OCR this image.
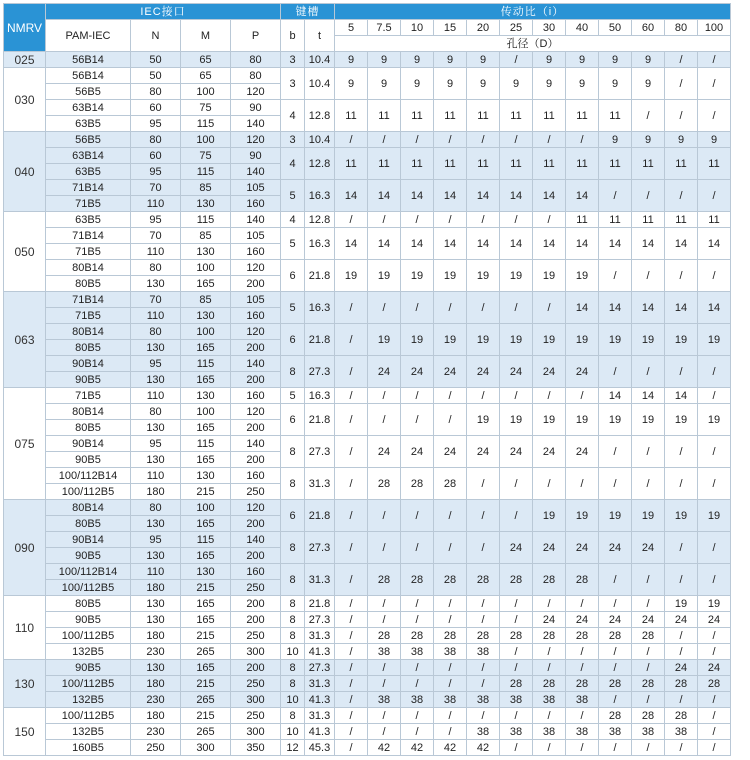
NMRV	IEC接口				键槽		传动比（i）											
	PAM-IEC	N	M	P	b	t	5	7.5	10	15	20	25	30	40	50	60	80	100
							孔径（D）											
025	56B14	50	65	80	3	10.4	9	9	9	9	9	/	9	9	9	9	/	/
030	56B14	50	65	80	3	10.4	9	9	9	9	9	9	9	9	9	9	/	/
	56B5	80	100	120														
	63B14	60	75	90	4	12.8	11	11	11	11	11	11	11	11	11	/	/	/
	63B5	95	115	140														
040	56B5	80	100	120	3	10.4	/	/	/	/	/	/	/	/	9	9	9	9
	63B14	60	75	90	4	12.8	11	11	11	11	11	11	11	11	11	11	11	11
	63B5	95	115	140														
	71B14	70	85	105	5	16.3	14	14	14	14	14	14	14	14	/	/	/	/
	71B5	110	130	160														
050	63B5	95	115	140	4	12.8	/	/	/	/	/	/	/	11	11	11	11	11
	71B14	70	85	105	5	16.3	14	14	14	14	14	14	14	14	14	14	14	14
	71B5	110	130	160														
	80B14	80	100	120	6	21.8	19	19	19	19	19	19	19	19	/	/	/	/
	80B5	130	165	200														
063	71B14	70	85	105	5	16.3	/	/	/	/	/	/	/	14	14	14	14	14
	71B5	110	130	160														
	80B14	80	100	120	6	21.8	/	19	19	19	19	19	19	19	19	19	19	19
	80B5	130	165	200														
	90B14	95	115	140	8	27.3	/	24	24	24	24	24	24	24	/	/	/	/
	90B5	130	165	200														
075	71B5	110	130	160	5	16.3	/	/	/	/	/	/	/	/	14	14	14	/
	80B14	80	100	120	6	21.8	/	/	/	/	19	19	19	19	19	19	19	19
	80B5	130	165	200														
	90B14	95	115	140	8	27.3	/	24	24	24	24	24	24	24	/	/	/	/
	90B5	130	165	200														
	100/112B14	110	130	160	8	31.3	/	28	28	28	/	/	/	/	/	/	/	/
	100/112B5	180	215	250														
090	80B14	80	100	120	6	21.8	/	/	/	/	/	/	19	19	19	19	19	19
	80B5	130	165	200														
	90B14	95	115	140	8	27.3	/	/	/	/	/	24	24	24	24	24	/	/
	90B5	130	165	200														
	100/112B14	110	130	160	8	31.3	/	28	28	28	28	28	28	28	/	/	/	/
	100/112B5	180	215	250														
110	80B5	130	165	200	8	21.8	/	/	/	/	/	/	/	/	/	/	19	19
	90B5	130	165	200	8	27.3	/	/	/	/	/	/	24	24	24	24	24	24
	100/112B5	180	215	250	8	31.3	/	28	28	28	28	28	28	28	28	28	/	/
	132B5	230	265	300	10	41.3	/	38	38	38	38	/	/	/	/	/	/	/
130	90B5	130	165	200	8	27.3	/	/	/	/	/	/	/	/	/	/	24	24
	100/112B5	180	215	250	8	31.3	/	/	/	/	/	28	28	28	28	28	28	28
	132B5	230	265	300	10	41.3	/	38	38	38	38	38	38	38	/	/	/	/
150	100/112B5	180	215	250	8	31.3	/	/	/	/	/	/	/	/	28	28	28	/
	132B5	230	265	300	10	41.3	/	/	/	/	38	38	38	38	38	38	38	/
	160B5	250	300	350	12	45.3	/	42	42	42	42	/	/	/	/	/	/	/
